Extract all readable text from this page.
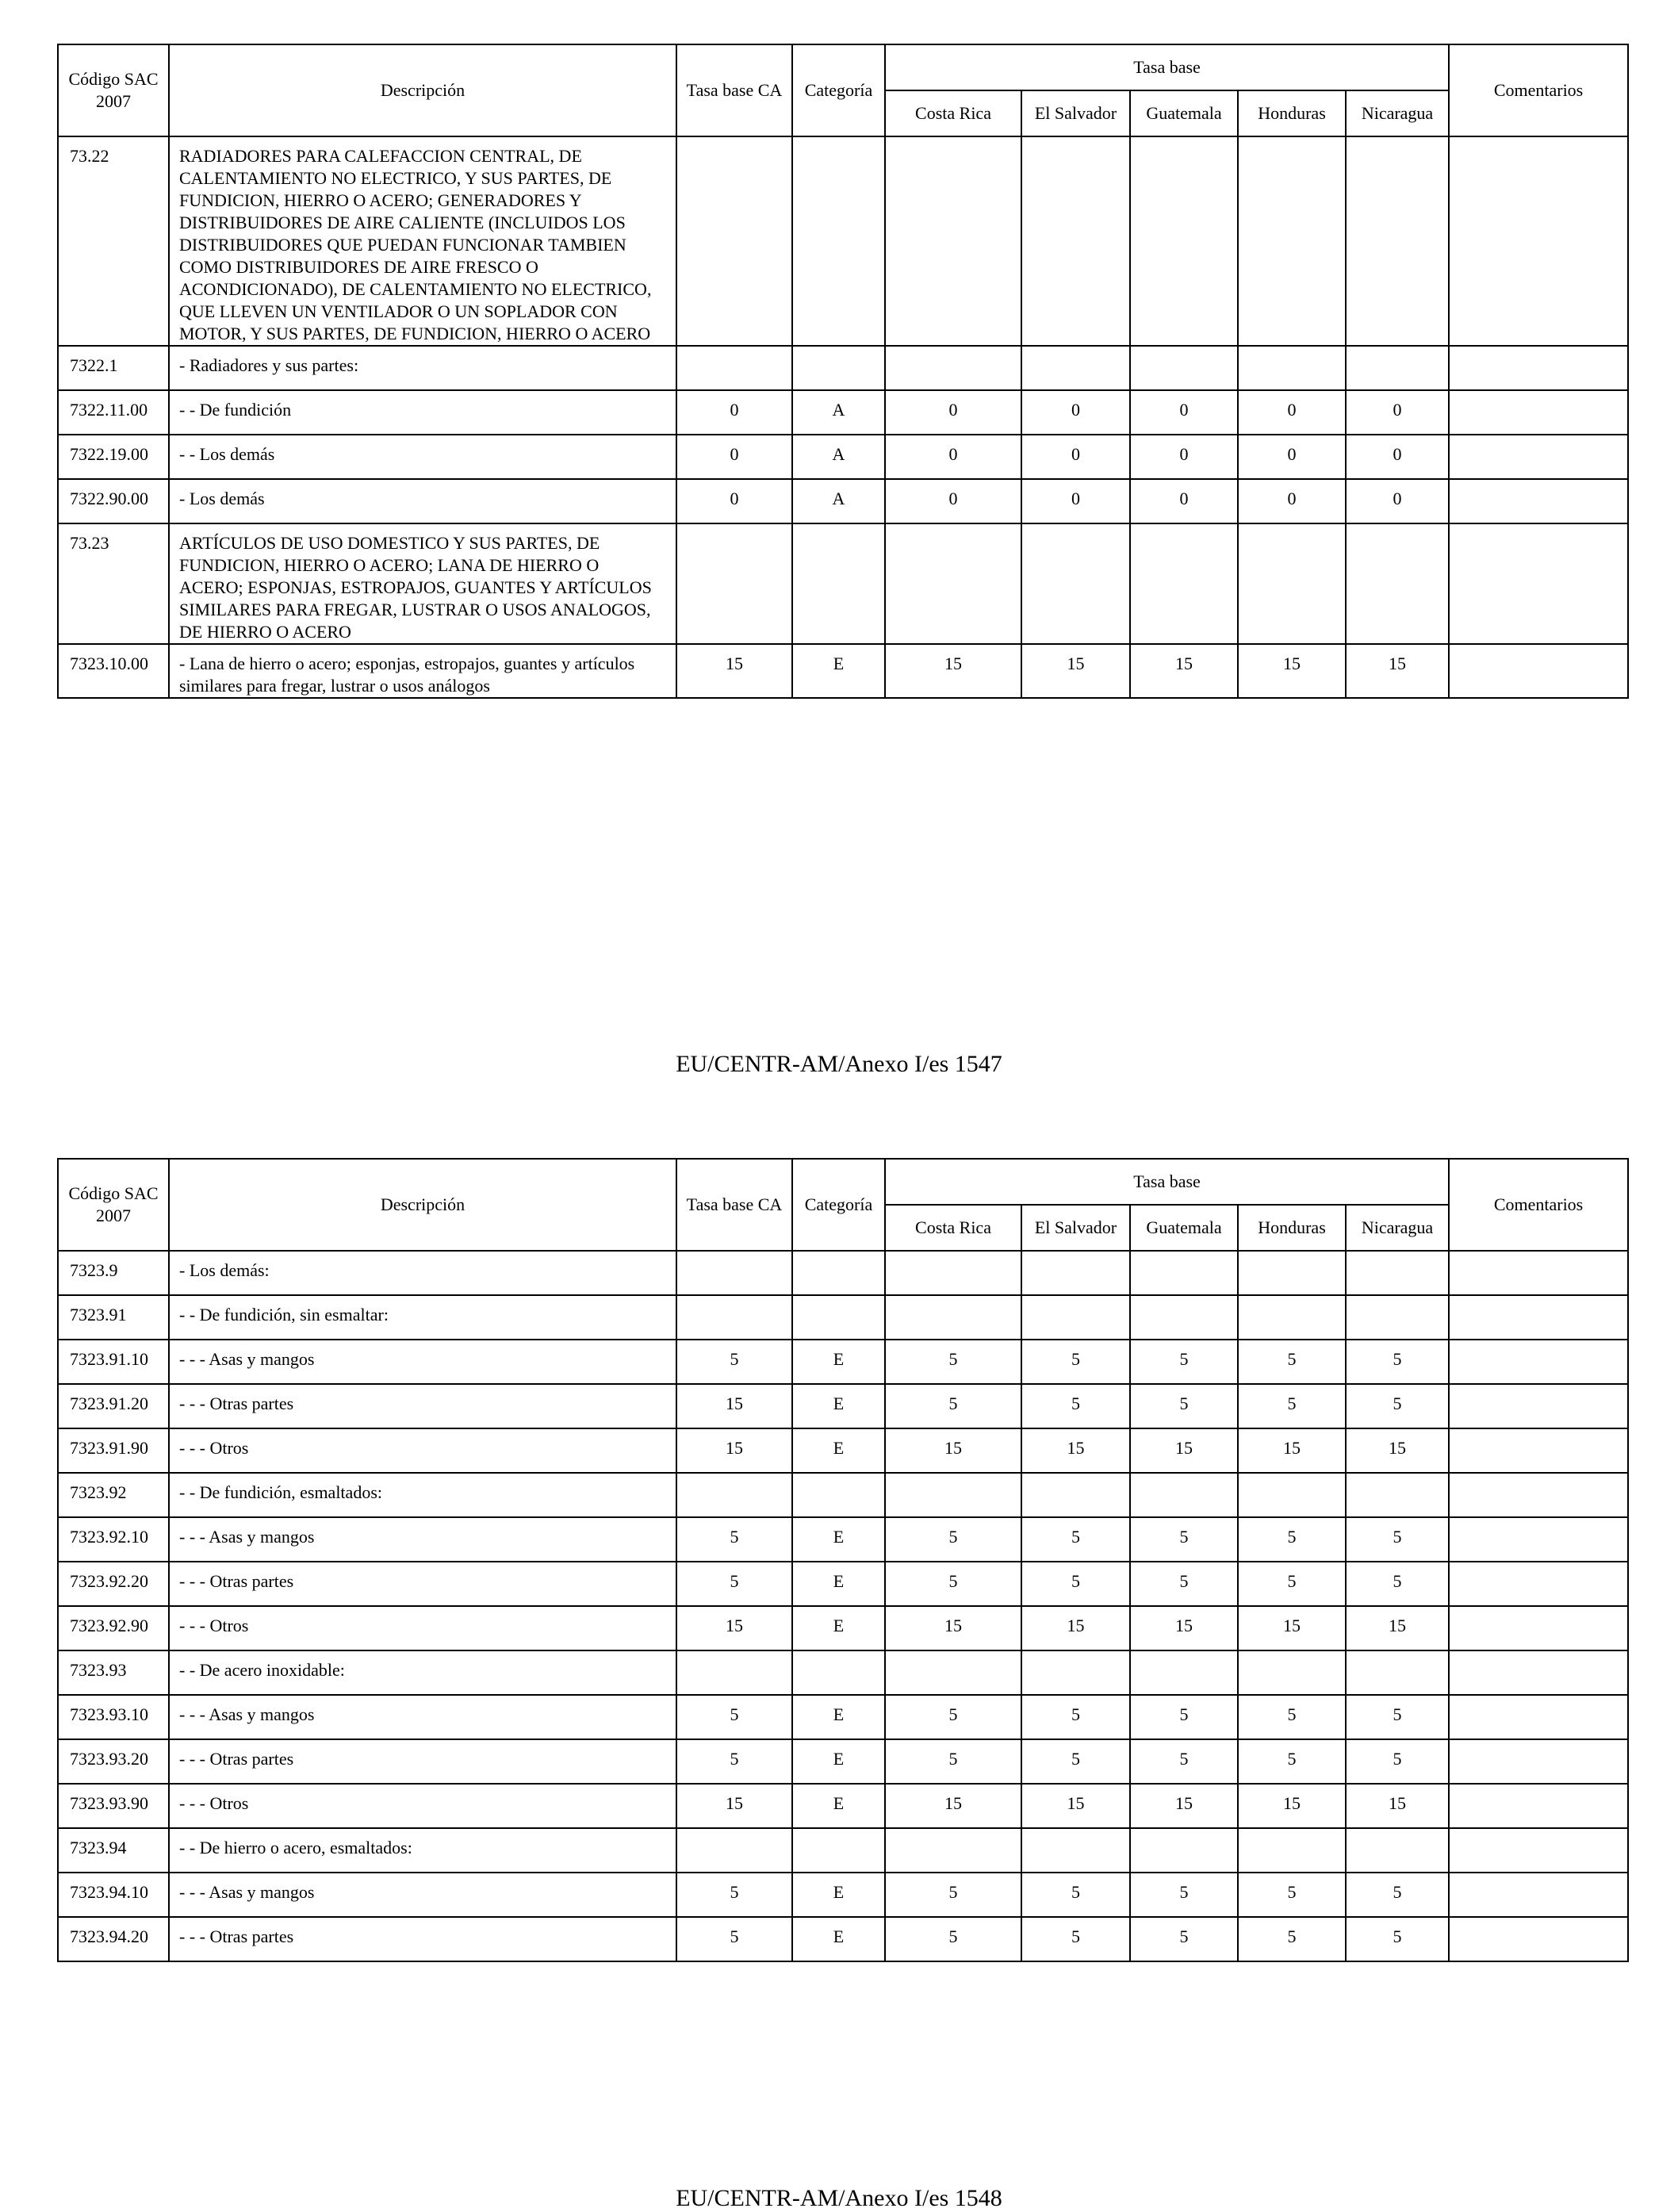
Código SAC 2007	Descripción	Tasa base CA	Categoría	Tasa base					Comentarios
				Costa Rica	El Salvador	Guatemala	Honduras	Nicaragua	
73.22	RADIADORES PARA CALEFACCION CENTRAL, DE CALENTAMIENTO NO ELECTRICO, Y SUS PARTES, DE FUNDICION, HIERRO O ACERO; GENERADORES Y DISTRIBUIDORES DE AIRE CALIENTE (INCLUIDOS LOS DISTRIBUIDORES QUE PUEDAN FUNCIONAR TAMBIEN COMO DISTRIBUIDORES DE AIRE FRESCO O ACONDICIONADO), DE CALENTAMIENTO NO ELECTRICO, QUE LLEVEN UN VENTILADOR O UN SOPLADOR CON MOTOR, Y SUS PARTES, DE FUNDICION, HIERRO O ACERO								
7322.1	- Radiadores y sus partes:								
7322.11.00	- - De fundición	0	A	0	0	0	0	0	
7322.19.00	- - Los demás	0	A	0	0	0	0	0	
7322.90.00	- Los demás	0	A	0	0	0	0	0	
73.23	ARTÍCULOS DE USO DOMESTICO Y SUS PARTES, DE FUNDICION, HIERRO O ACERO; LANA DE HIERRO O ACERO; ESPONJAS, ESTROPAJOS, GUANTES Y ARTÍCULOS SIMILARES PARA FREGAR, LUSTRAR O USOS ANALOGOS, DE HIERRO O ACERO								
7323.10.00	- Lana de hierro o acero; esponjas, estropajos, guantes y artículos similares para fregar, lustrar o usos análogos	15	E	15	15	15	15	15	
EU/CENTR-AM/Anexo I/es 1547
Código SAC 2007	Descripción	Tasa base CA	Categoría	Tasa base					Comentarios
				Costa Rica	El Salvador	Guatemala	Honduras	Nicaragua	
7323.9	- Los demás:								
7323.91	- - De fundición, sin esmaltar:								
7323.91.10	- - - Asas y mangos	5	E	5	5	5	5	5	
7323.91.20	- - - Otras partes	15	E	5	5	5	5	5	
7323.91.90	- - - Otros	15	E	15	15	15	15	15	
7323.92	- - De fundición, esmaltados:								
7323.92.10	- - - Asas y mangos	5	E	5	5	5	5	5	
7323.92.20	- - - Otras partes	5	E	5	5	5	5	5	
7323.92.90	- - - Otros	15	E	15	15	15	15	15	
7323.93	- - De acero inoxidable:								
7323.93.10	- - - Asas y mangos	5	E	5	5	5	5	5	
7323.93.20	- - - Otras partes	5	E	5	5	5	5	5	
7323.93.90	- - - Otros	15	E	15	15	15	15	15	
7323.94	- - De hierro o acero, esmaltados:								
7323.94.10	- - - Asas y mangos	5	E	5	5	5	5	5	
7323.94.20	- - - Otras partes	5	E	5	5	5	5	5	
EU/CENTR-AM/Anexo I/es 1548
